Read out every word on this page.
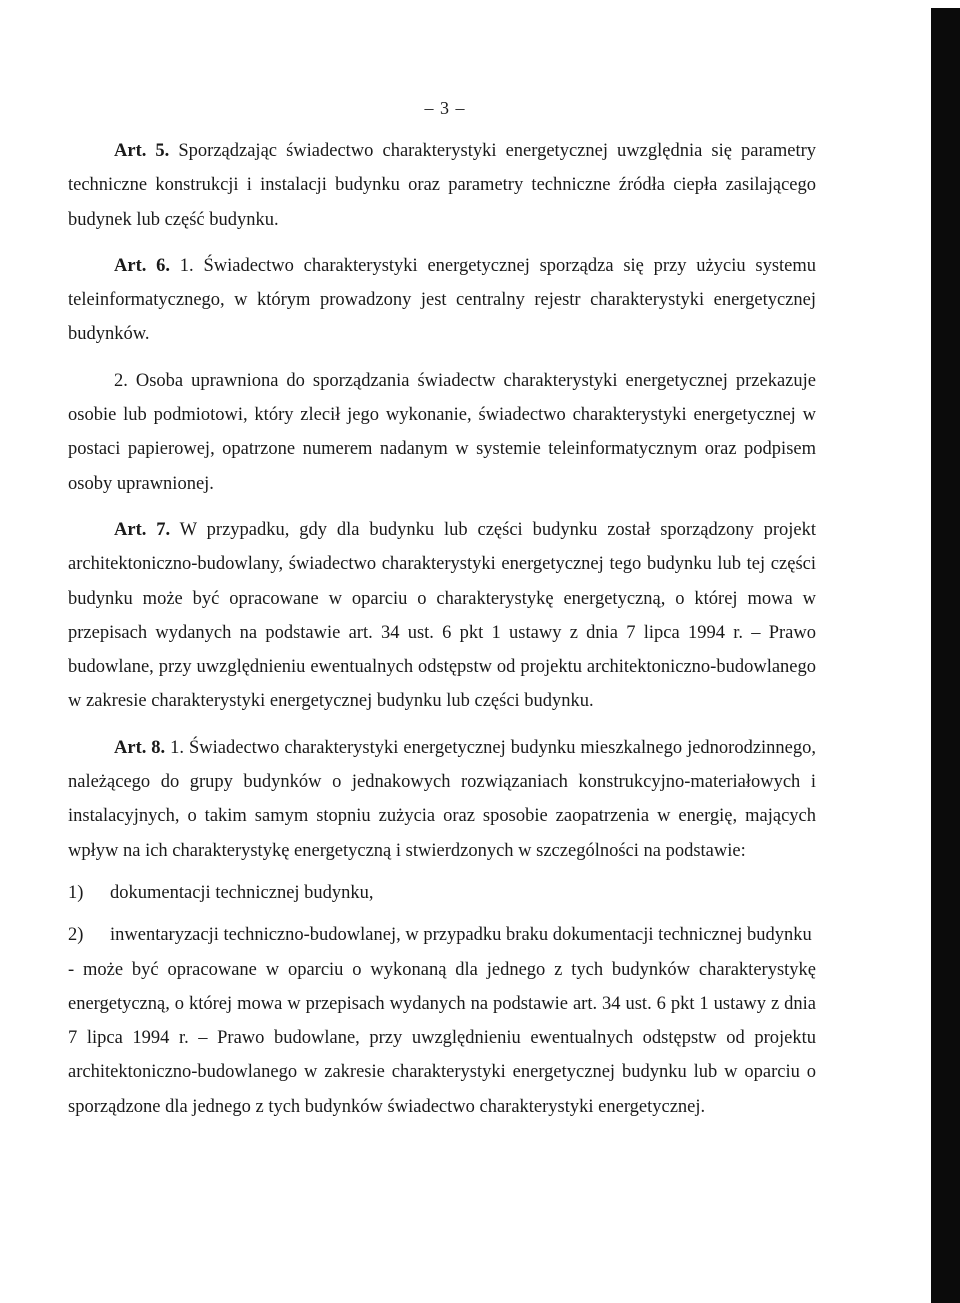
– 3 –

Art. 5. Sporządzając świadectwo charakterystyki energetycznej uwzględnia się parametry techniczne konstrukcji i instalacji budynku oraz parametry techniczne źródła ciepła zasilającego budynek lub część budynku.

Art. 6. 1. Świadectwo charakterystyki energetycznej sporządza się przy użyciu systemu teleinformatycznego, w którym prowadzony jest centralny rejestr charakterystyki energetycznej budynków.

2. Osoba uprawniona do sporządzania świadectw charakterystyki energetycznej przekazuje osobie lub podmiotowi, który zlecił jego wykonanie, świadectwo charakterystyki energetycznej w postaci papierowej, opatrzone numerem nadanym w systemie teleinformatycznym oraz podpisem osoby uprawnionej.

Art. 7. W przypadku, gdy dla budynku lub części budynku został sporządzony projekt architektoniczno-budowlany, świadectwo charakterystyki energetycznej tego budynku lub tej części budynku może być opracowane w oparciu o charakterystykę energetyczną, o której mowa w przepisach wydanych na podstawie art. 34 ust. 6 pkt 1 ustawy z dnia 7 lipca 1994 r. – Prawo budowlane, przy uwzględnieniu ewentualnych odstępstw od projektu architektoniczno-budowlanego w zakresie charakterystyki energetycznej budynku lub części budynku.

Art. 8. 1. Świadectwo charakterystyki energetycznej budynku mieszkalnego jednorodzinnego, należącego do grupy budynków o jednakowych rozwiązaniach konstrukcyjno-materiałowych i instalacyjnych, o takim samym stopniu zużycia oraz sposobie zaopatrzenia w energię, mających wpływ na ich charakterystykę energetyczną i stwierdzonych w szczególności na podstawie:

1)	dokumentacji technicznej budynku,
2)	inwentaryzacji techniczno-budowlanej, w przypadku braku dokumentacji technicznej budynku

- może być opracowane w oparciu o wykonaną dla jednego z tych budynków charakterystykę energetyczną, o której mowa w przepisach wydanych na podstawie art. 34 ust. 6 pkt 1 ustawy z dnia 7 lipca 1994 r. – Prawo budowlane, przy uwzględnieniu ewentualnych odstępstw od projektu architektoniczno-budowlanego w zakresie charakterystyki energetycznej budynku lub w oparciu o sporządzone dla jednego z tych budynków świadectwo charakterystyki energetycznej.
